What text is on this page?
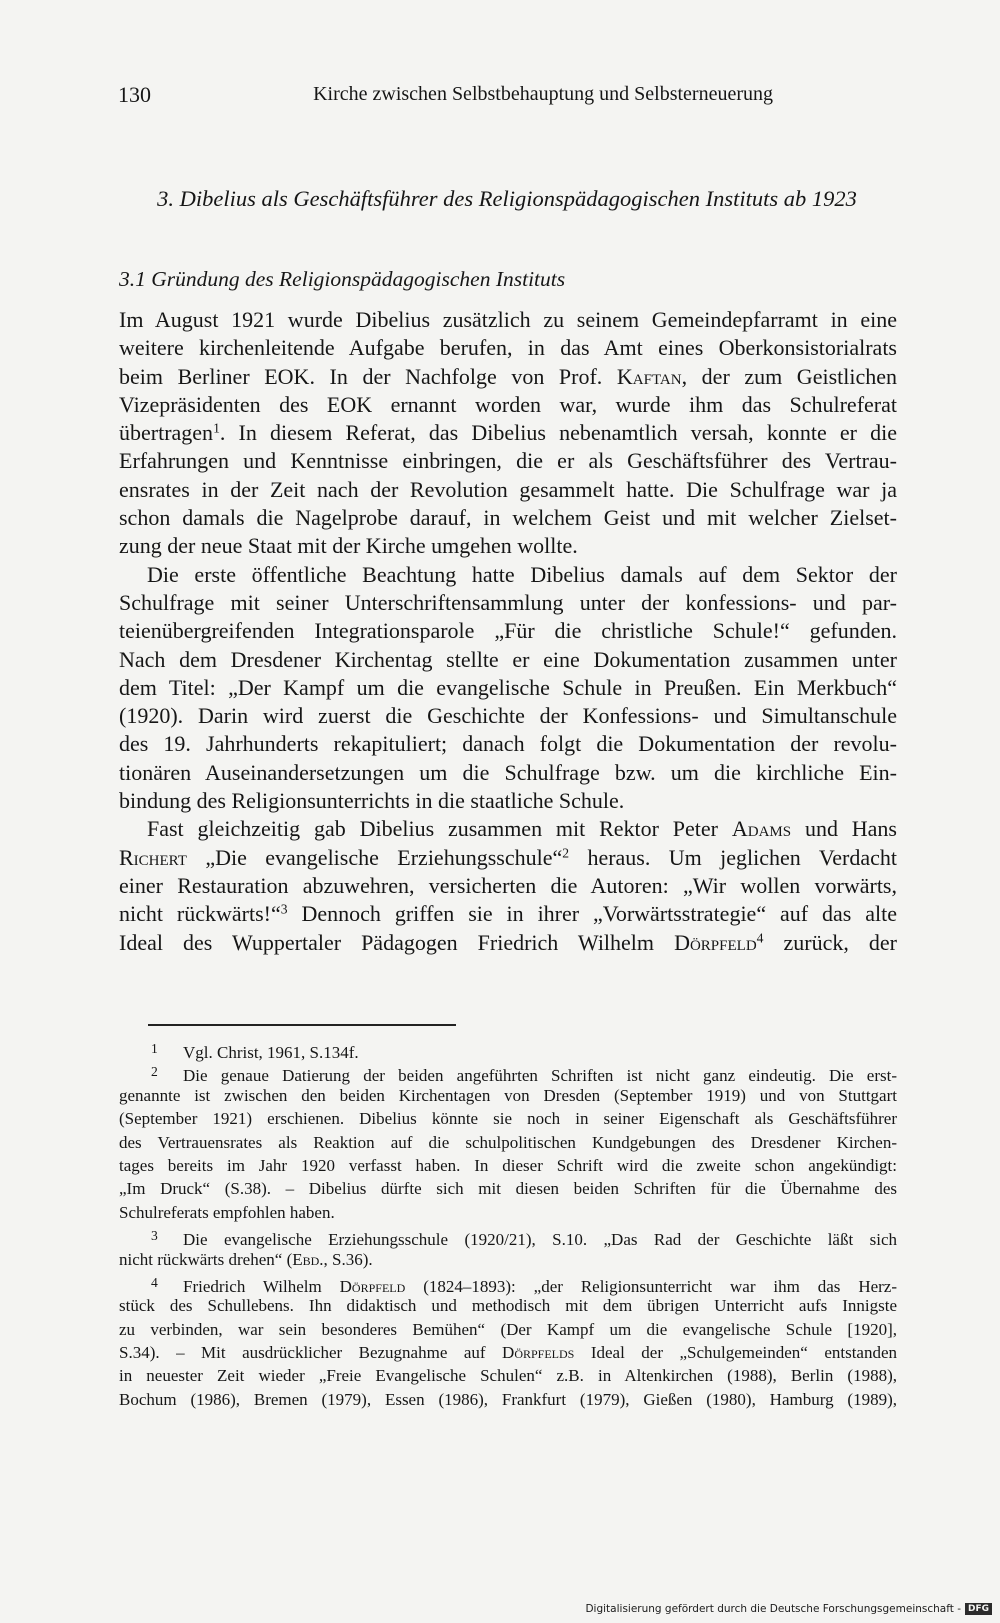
130	Kirche zwischen Selbstbehauptung und Selbsterneuerung
3. Dibelius als Geschäftsführer des Religionspädagogischen Instituts ab 1923
3.1 Gründung des Religionspädagogischen Instituts
Im August 1921 wurde Dibelius zusätzlich zu seinem Gemeindepfarramt in eine
weitere kirchenleitende Aufgabe berufen, in das Amt eines Oberkonsistorialrats
beim Berliner EOK. In der Nachfolge von Prof. Kaftan, der zum Geistlichen
Vizepräsidenten des EOK ernannt worden war, wurde ihm das Schulreferat
übertragen$^1$. In diesem Referat, das Dibelius nebenamtlich versah, konnte er die
Erfahrungen und Kenntnisse einbringen, die er als Geschäftsführer des Vertrau-
ensrates in der Zeit nach der Revolution gesammelt hatte. Die Schulfrage war ja
schon damals die Nagelprobe darauf, in welchem Geist und mit welcher Zielset-
zung der neue Staat mit der Kirche umgehen wollte.
Die erste öffentliche Beachtung hatte Dibelius damals auf dem Sektor der
Schulfrage mit seiner Unterschriftensammlung unter der konfessions- und par-
teienübergreifenden Integrationsparole „Für die christliche Schule!“ gefunden.
Nach dem Dresdener Kirchentag stellte er eine Dokumentation zusammen unter
dem Titel: „Der Kampf um die evangelische Schule in Preußen. Ein Merkbuch“
(1920). Darin wird zuerst die Geschichte der Konfessions- und Simultanschule
des 19. Jahrhunderts rekapituliert; danach folgt die Dokumentation der revolu-
tionären Auseinandersetzungen um die Schulfrage bzw. um die kirchliche Ein-
bindung des Religionsunterrichts in die staatliche Schule.
Fast gleichzeitig gab Dibelius zusammen mit Rektor Peter Adams und Hans
Richert „Die evangelische Erziehungsschule“$^2$ heraus. Um jeglichen Verdacht
einer Restauration abzuwehren, versicherten die Autoren: „Wir wollen vorwärts,
nicht rückwärts!“$^3$ Dennoch griffen sie in ihrer „Vorwärtsstrategie“ auf das alte
Ideal des Wuppertaler Pädagogen Friedrich Wilhelm Dörpfeld$^4$ zurück, der
1 Vgl. Christ, 1961, S.134f.
2 Die genaue Datierung der beiden angeführten Schriften ist nicht ganz eindeutig. Die erst-
genannte ist zwischen den beiden Kirchentagen von Dresden (September 1919) und von Stuttgart
(September 1921) erschienen. Dibelius könnte sie noch in seiner Eigenschaft als Geschäftsführer
des Vertrauensrates als Reaktion auf die schulpolitischen Kundgebungen des Dresdener Kirchen-
tages bereits im Jahr 1920 verfasst haben. In dieser Schrift wird die zweite schon angekündigt:
„Im Druck“ (S.38). – Dibelius dürfte sich mit diesen beiden Schriften für die Übernahme des
Schulreferats empfohlen haben.
3 Die evangelische Erziehungsschule (1920/21), S.10. „Das Rad der Geschichte läßt sich
nicht rückwärts drehen“ (Ebd., S.36).
4 Friedrich Wilhelm Dörpfeld (1824–1893): „der Religionsunterricht war ihm das Herz-
stück des Schullebens. Ihn didaktisch und methodisch mit dem übrigen Unterricht aufs Innigste
zu verbinden, war sein besonderes Bemühen“ (Der Kampf um die evangelische Schule [1920],
S.34). – Mit ausdrücklicher Bezugnahme auf Dörpfelds Ideal der „Schulgemeinden“ entstanden
in neuester Zeit wieder „Freie Evangelische Schulen“ z.B. in Altenkirchen (1988), Berlin (1988),
Bochum (1986), Bremen (1979), Essen (1986), Frankfurt (1979), Gießen (1980), Hamburg (1989),
Digitalisierung gefördert durch die Deutsche Forschungsgemeinschaft - DFG
